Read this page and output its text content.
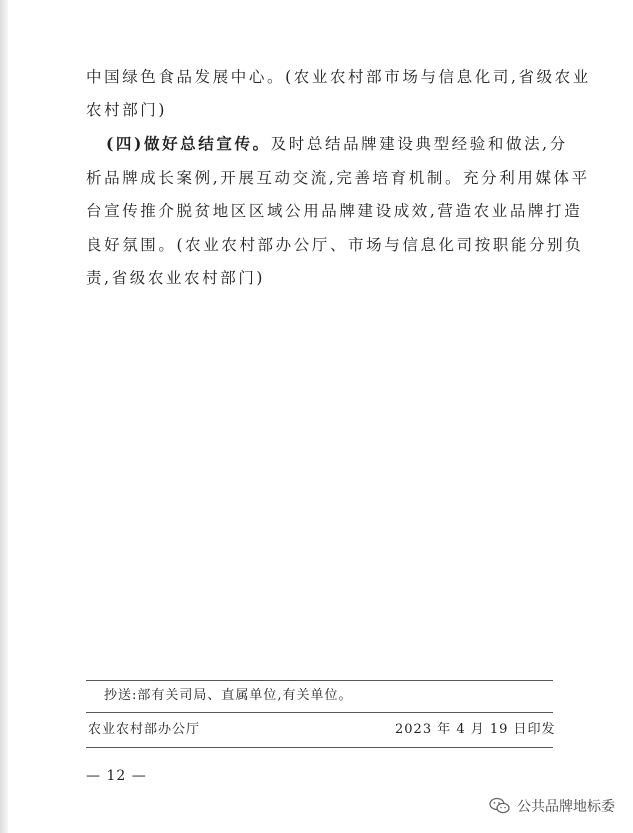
中国绿色食品发展中心。(农业农村部市场与信息化司,省级农业
农村部门)
(四)做好总结宣传。及时总结品牌建设典型经验和做法,分
析品牌成长案例,开展互动交流,完善培育机制。充分利用媒体平
台宣传推介脱贫地区区域公用品牌建设成效,营造农业品牌打造
良好氛围。(农业农村部办公厅、市场与信息化司按职能分别负
责,省级农业农村部门)
抄送:部有关司局、直属单位,有关单位。
农业农村部办公厅	2023 年 4 月 19 日印发
— 12 —
公共品牌地标委
